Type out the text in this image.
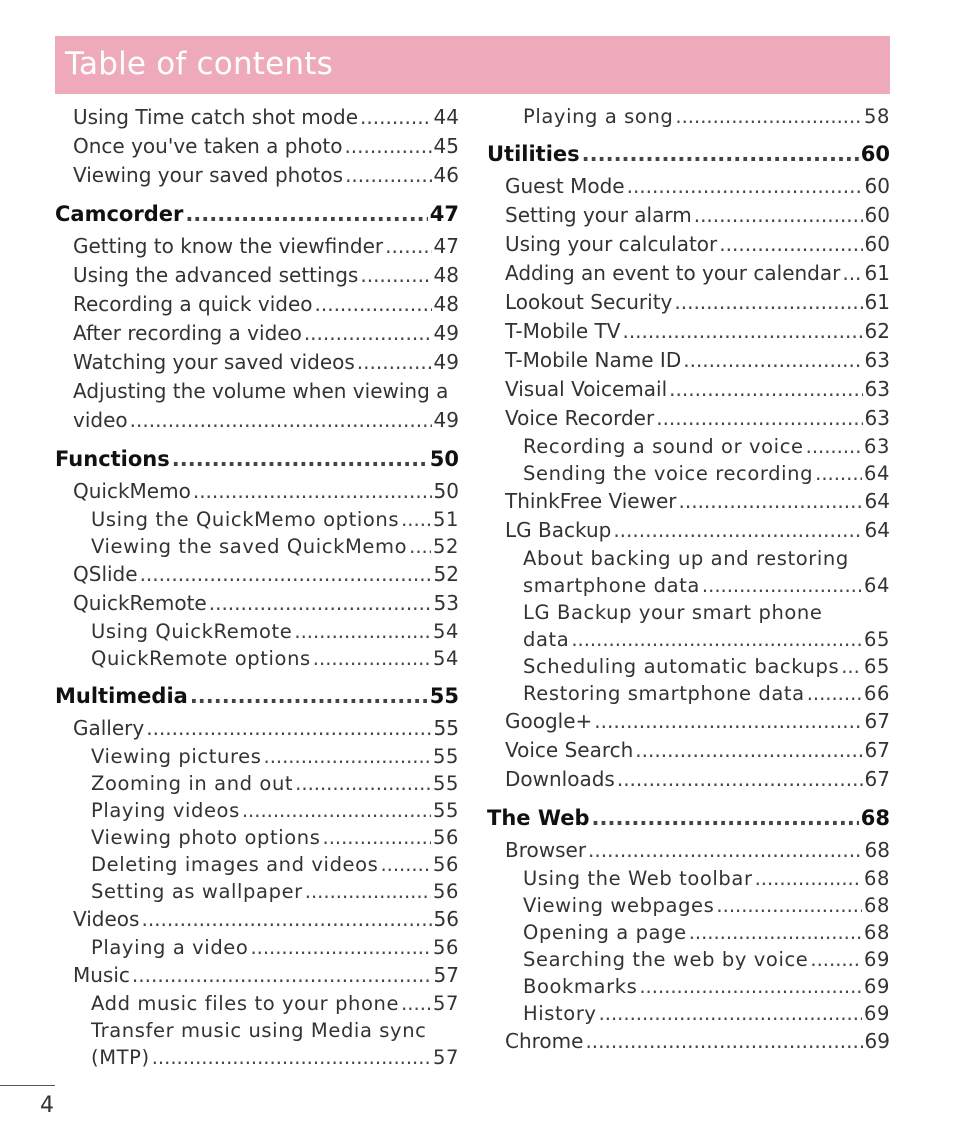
Table of contents
Using Time catch shot mode .....	44
Once you've taken a photo .....	45
Viewing your saved photos .....	46
Camcorder .....	47
Getting to know the viewfinder .....	47
Using the advanced settings .....	48
Recording a quick video .....	48
After recording a video .....	49
Watching your saved videos .....	49
Adjusting the volume when viewing a
video .....	49
Functions .....	50
QuickMemo .....	50
Using the QuickMemo options ..... 51
Viewing the saved QuickMemo ..... 52
QSlide .....	52
QuickRemote .....	53
Using QuickRemote .....	54
QuickRemote options .....	54
Multimedia .....	55
Gallery .....	55
Viewing pictures .....	55
Zooming in and out .....	55
Playing videos .....	55
Viewing photo options .....	56
Deleting images and videos .....	56
Setting as wallpaper .....	56
Videos .....	56
Playing a video .....	56
Music .....	57
Add music files to your phone ..... 57
Transfer music using Media sync
(MTP) .....	57
Playing a song .....	58
Utilities .....	60
Guest Mode .....	60
Setting your alarm .....	60
Using your calculator .....	60
Adding an event to your calendar ..... 61
Lookout Security .....	61
T-Mobile TV .....	62
T-Mobile Name ID .....	63
Visual Voicemail .....	63
Voice Recorder .....	63
Recording a sound or voice .....	63
Sending the voice recording .....	64
ThinkFree Viewer .....	64
LG Backup .....	64
About backing up and restoring
smartphone data .....	64
LG Backup your smart phone
data .....	65
Scheduling automatic backups ..... 65
Restoring smartphone data .....	66
Google+ .....	67
Voice Search .....	67
Downloads .....	67
The Web .....	68
Browser .....	68
Using the Web toolbar .....	68
Viewing webpages .....	68
Opening a page .....	68
Searching the web by voice .....	69
Bookmarks .....	69
History .....	69
Chrome .....	69
4
